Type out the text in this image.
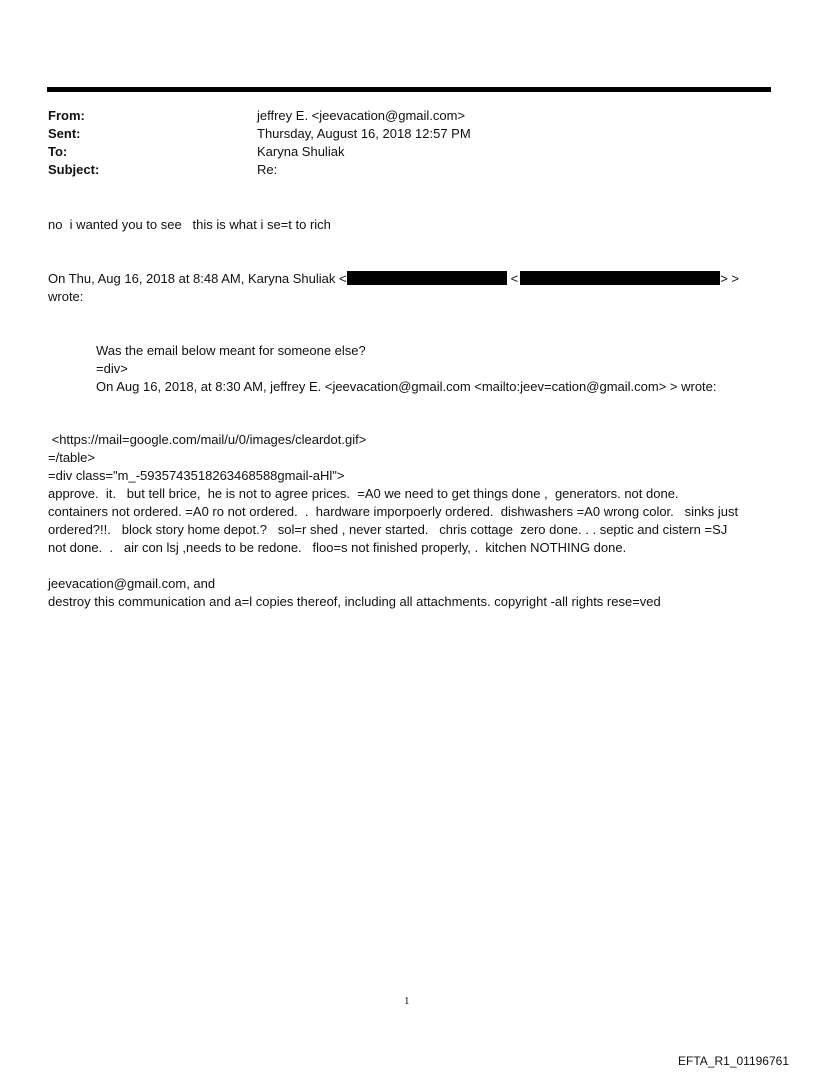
From:	jeffrey E. <jeevacation@gmail.com>
Sent:	Thursday, August 16, 2018 12:57 PM
To:	Karyna Shuliak
Subject:	Re:
no  i wanted you to see   this is what i se=t to rich
On Thu, Aug 16, 2018 at 8:48 AM, Karyna Shuliak <	<	> >
wrote:
Was the email below meant for someone else?
=div>
On Aug 16, 2018, at 8:30 AM, jeffrey E. <jeevacation@gmail.com <mailto:jeev=cation@gmail.com> > wrote:
<https://mail=google.com/mail/u/0/images/cleardot.gif>
=/table>
=div class="m_-5935743518263468588gmail-aHl">
approve.  it.   but tell brice,  he is not to agree prices.  =A0 we need to get things done ,  generators. not done.
containers not ordered. =A0 ro not ordered.  .  hardware imporpoerly ordered.  dishwashers =A0 wrong color.   sinks just
ordered?!!.   block story home depot.?   sol=r shed , never started.   chris cottage  zero done. . . septic and cistern =SJ
not done.  .   air con lsj ,needs to be redone.   floo=s not finished properly, .  kitchen NOTHING done.
jeevacation@gmail.com, and
destroy this communication and a=l copies thereof, including all attachments. copyright -all rights rese=ved
1
EFTA_R1_01196761
